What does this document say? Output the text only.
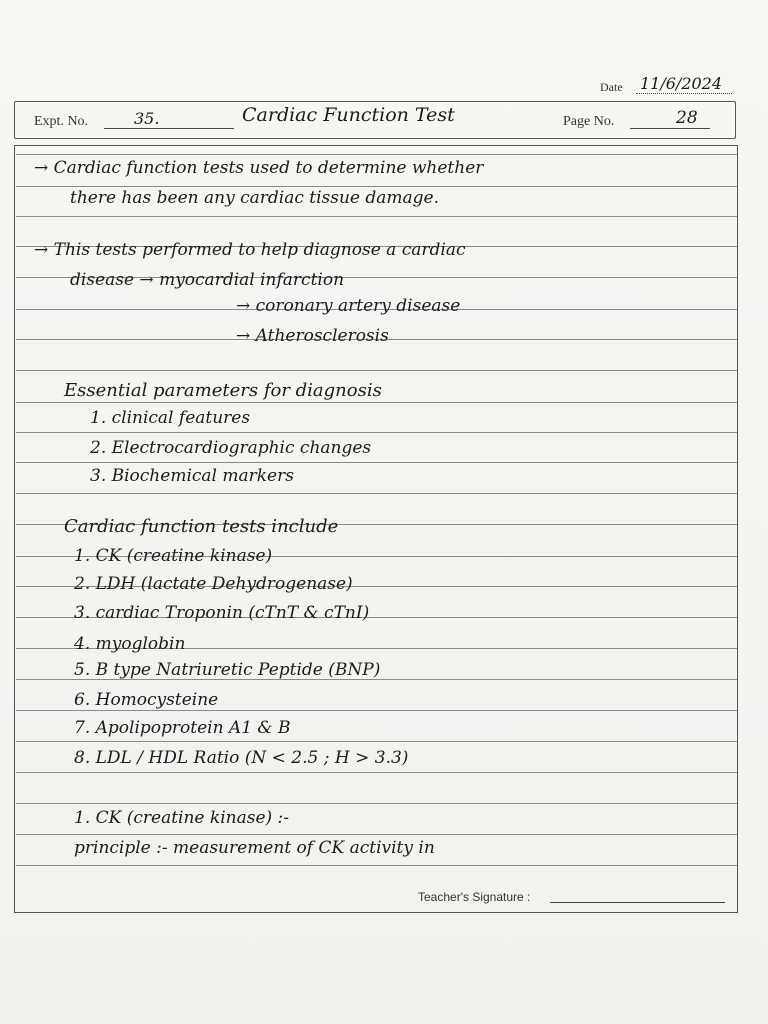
Date 11/6/2024
Expt. No.	35.	Cardiac Function Test	Page No.	28
→ Cardiac function tests used to determine whether
there has been any cardiac tissue damage.
→ This tests performed to help diagnose a cardiac
disease → myocardial infarction
→ coronary artery disease
→ Atherosclerosis
Essential parameters for diagnosis
1. clinical features
2. Electrocardiographic changes
3. Biochemical markers
Cardiac function tests include
1. CK (creatine kinase)
2. LDH (lactate Dehydrogenase)
3. cardiac Troponin (cTnT & cTnI)
4. myoglobin
5. B type Natriuretic Peptide (BNP)
6. Homocysteine
7. Apolipoprotein A1 & B
8. LDL / HDL Ratio (N < 2.5 ; H > 3.3)
1. CK (creatine kinase) :-
principle :- measurement of CK activity in
Teacher's Signature :
